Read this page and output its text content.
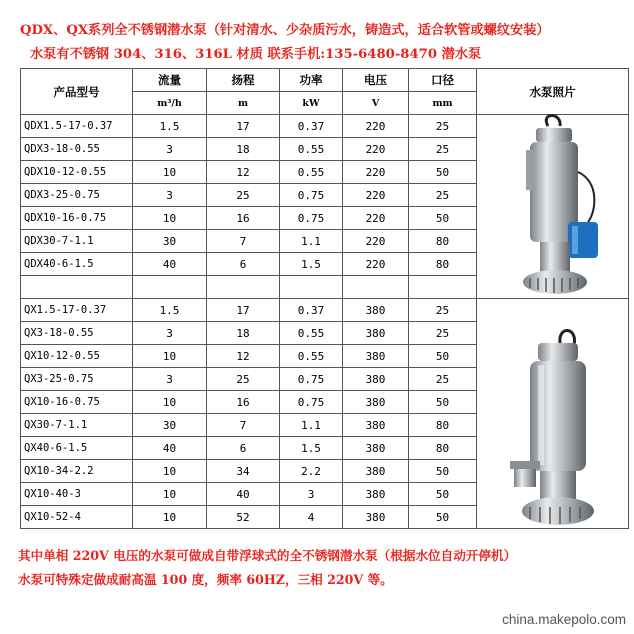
QDX、QX系列全不锈钢潜水泵（针对清水、少杂质污水，铸造式，适合软管或螺纹安装）
水泵有不锈钢 304、316、316L 材质 联系手机:135-6480-8470 潜水泵
产品型号	流量	扬程	功率	电压	口径	水泵照片
	m³/h	m	kW	V	mm	
QDX1.5-17-0.37	1.5	17	0.37	220	25	
QDX3-18-0.55	3	18	0.55	220	25	
QDX10-12-0.55	10	12	0.55	220	50	
QDX3-25-0.75	3	25	0.75	220	25	
QDX10-16-0.75	10	16	0.75	220	50	
QDX30-7-1.1	30	7	1.1	220	80	
QDX40-6-1.5	40	6	1.5	220	80	

QX1.5-17-0.37	1.5	17	0.37	380	25	
QX3-18-0.55	3	18	0.55	380	25	
QX10-12-0.55	10	12	0.55	380	50	
QX3-25-0.75	3	25	0.75	380	25	
QX10-16-0.75	10	16	0.75	380	50	
QX30-7-1.1	30	7	1.1	380	80	
QX40-6-1.5	40	6	1.5	380	80	
QX10-34-2.2	10	34	2.2	380	50	
QX10-40-3	10	40	3	380	50	
QX10-52-4	10	52	4	380	50	
其中单相 220V 电压的水泵可做成自带浮球式的全不锈钢潜水泵（根据水位自动开停机）
水泵可特殊定做成耐高温 100 度，频率 60HZ，三相 220V 等。
china.makepolo.com
